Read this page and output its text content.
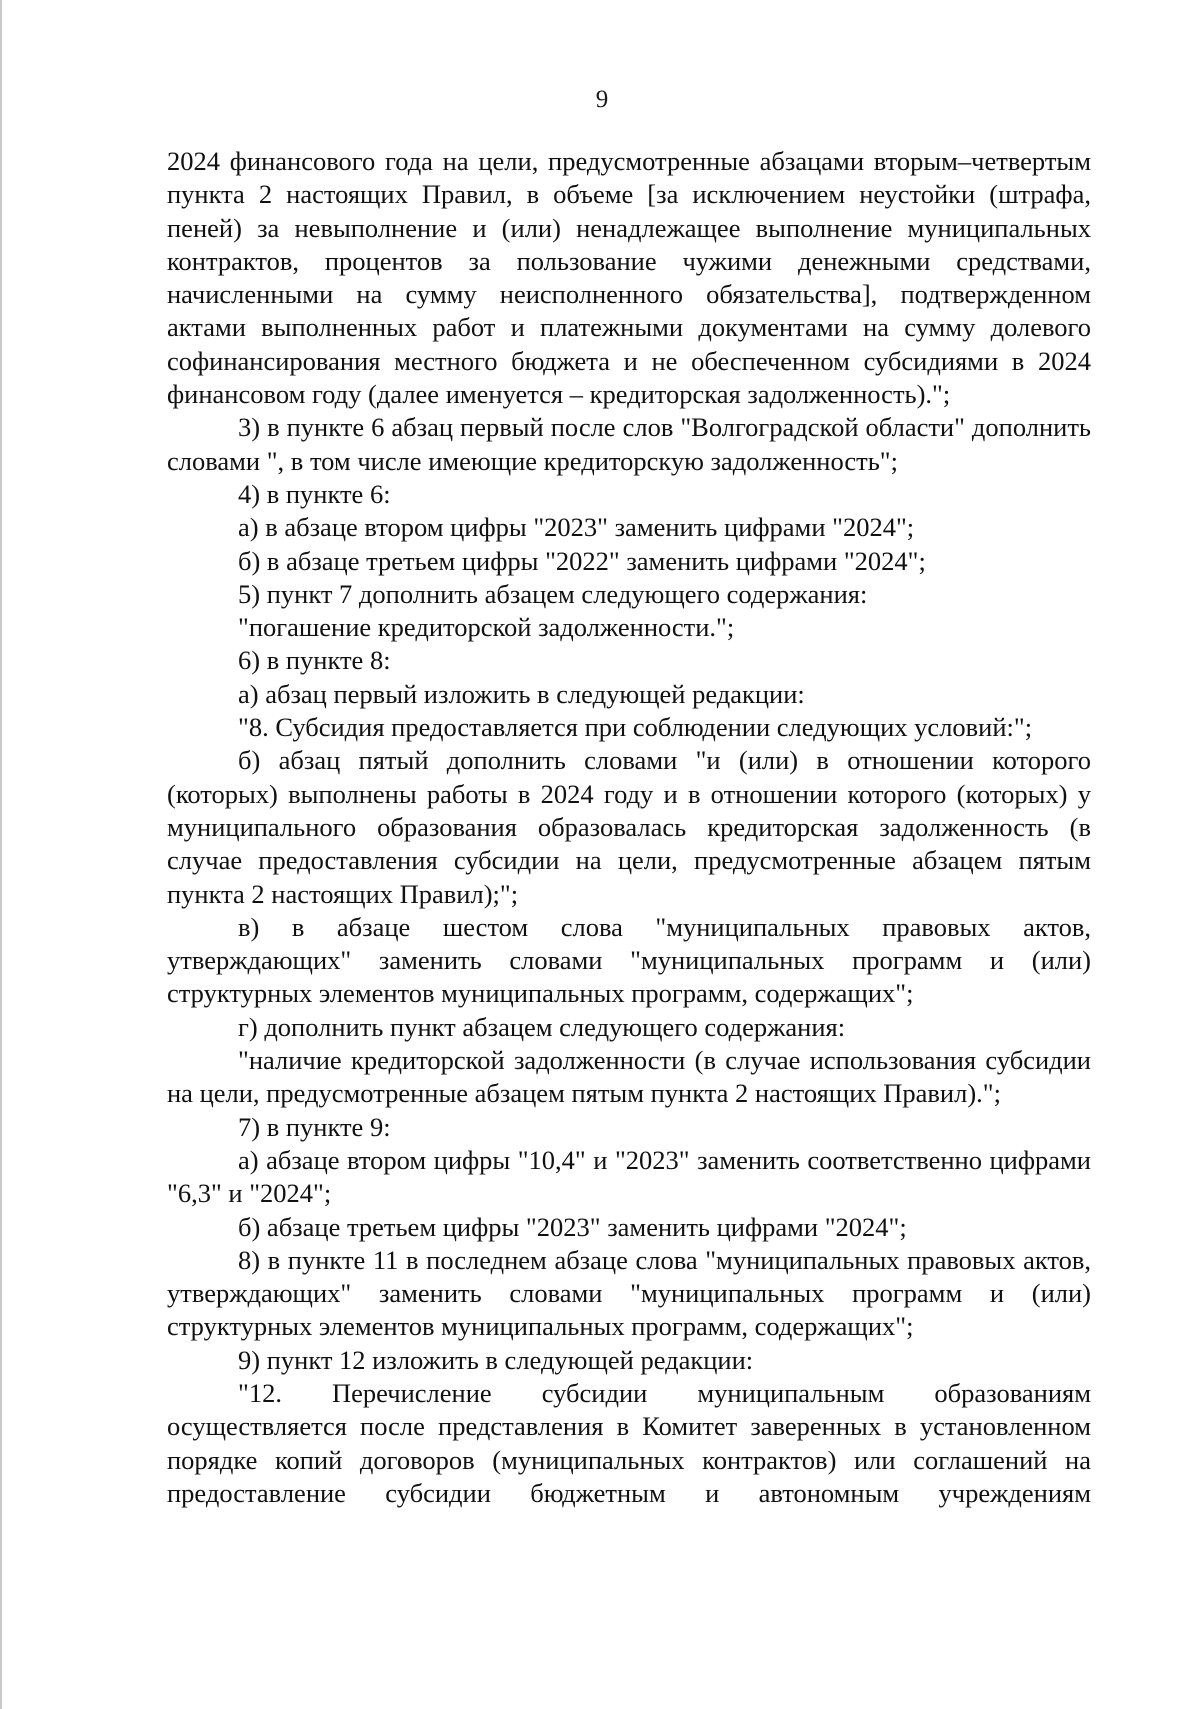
9

2024 финансового года на цели, предусмотренные абзацами вторым–четвертым пункта 2 настоящих Правил, в объеме [за исключением неустойки (штрафа, пеней) за невыполнение и (или) ненадлежащее выполнение муниципальных контрактов, процентов за пользование чужими денежными средствами, начисленными на сумму неисполненного обязательства], подтвержденном актами выполненных работ и платежными документами на сумму долевого софинансирования местного бюджета и не обеспеченном субсидиями в 2024 финансовом году (далее именуется – кредиторская задолженность).";

3) в пункте 6 абзац первый после слов "Волгоградской области" дополнить словами ", в том числе имеющие кредиторскую задолженность";

4) в пункте 6:

а) в абзаце втором цифры "2023" заменить цифрами "2024";

б) в абзаце третьем цифры "2022" заменить цифрами "2024";

5) пункт 7 дополнить абзацем следующего содержания:

"погашение кредиторской задолженности.";

6) в пункте 8:

а) абзац первый изложить в следующей редакции:

"8. Субсидия предоставляется при соблюдении следующих условий:";

б) абзац пятый дополнить словами "и (или) в отношении которого (которых) выполнены работы в 2024 году и в отношении которого (которых) у муниципального образования образовалась кредиторская задолженность (в случае предоставления субсидии на цели, предусмотренные абзацем пятым пункта 2 настоящих Правил);";

в) в абзаце шестом слова "муниципальных правовых актов, утверждающих" заменить словами "муниципальных программ и (или) структурных элементов муниципальных программ, содержащих";

г) дополнить пункт абзацем следующего содержания:

"наличие кредиторской задолженности (в случае использования субсидии на цели, предусмотренные абзацем пятым пункта 2 настоящих Правил).";

7) в пункте 9:

а) абзаце втором цифры "10,4" и "2023" заменить соответственно цифрами "6,3" и "2024";

б) абзаце третьем цифры "2023" заменить цифрами "2024";

8) в пункте 11 в последнем абзаце слова "муниципальных правовых актов, утверждающих" заменить словами "муниципальных программ и (или) структурных элементов муниципальных программ, содержащих";

9) пункт 12 изложить в следующей редакции:

"12. Перечисление субсидии муниципальным образованиям осуществляется после представления в Комитет заверенных в установленном порядке копий договоров (муниципальных контрактов) или соглашений на предоставление субсидии бюджетным и автономным учреждениям
